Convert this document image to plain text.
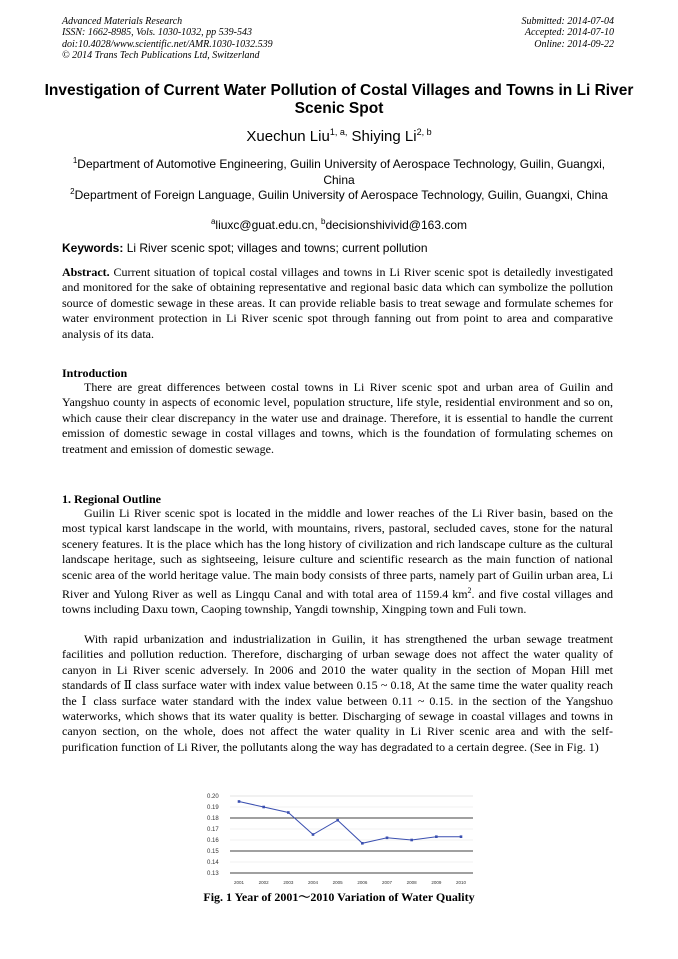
Advanced Materials Research
ISSN: 1662-8985, Vols. 1030-1032, pp 539-543
doi:10.4028/www.scientific.net/AMR.1030-1032.539
© 2014 Trans Tech Publications Ltd, Switzerland
Submitted: 2014-07-04
Accepted: 2014-07-10
Online: 2014-09-22
Investigation of Current Water Pollution of Costal Villages and Towns in Li River Scenic Spot
Xuechun Liu$^{1, a,}$ Shiying Li$^{2, b}$
$^1$Department of Automotive Engineering, Guilin University of Aerospace Technology, Guilin, Guangxi, China
$^2$Department of Foreign Language, Guilin University of Aerospace Technology, Guilin, Guangxi, China
$^a$liuxc@guat.edu.cn, $^b$decisionshivivid@163.com
Keywords: Li River scenic spot; villages and towns; current pollution
Abstract. Current situation of topical costal villages and towns in Li River scenic spot is detailedly investigated and monitored for the sake of obtaining representative and regional basic data which can symbolize the pollution source of domestic sewage in these areas. It can provide reliable basis to treat sewage and formulate schemes for water environment protection in Li River scenic spot through fanning out from point to area and comparative analysis of its data.
Introduction
There are great differences between costal towns in Li River scenic spot and urban area of Guilin and Yangshuo county in aspects of economic level, population structure, life style, residential environment and so on, which cause their clear discrepancy in the water use and drainage. Therefore, it is essential to handle the current emission of domestic sewage in costal villages and towns, which is the foundation of formulating schemes on treatment and emission of domestic sewage.
1. Regional Outline
Guilin Li River scenic spot is located in the middle and lower reaches of the Li River basin, based on the most typical karst landscape in the world, with mountains, rivers, pastoral, secluded caves, stone for the natural scenery features. It is the place which has the long history of civilization and rich landscape culture as the cultural landscape heritage, such as sightseeing, leisure culture and scientific research as the main function of national scenic area of the world heritage value. The main body consists of three parts, namely part of Guilin urban area, Li River and Yulong River as well as Lingqu Canal and with total area of 1159.4 $km^2$. and five costal villages and towns including Daxu town, Caoping township, Yangdi township, Xingping town and Fuli town.
With rapid urbanization and industrialization in Guilin, it has strengthened the urban sewage treatment facilities and pollution reduction. Therefore, discharging of urban sewage does not affect the water quality of canyon in Li River scenic adversely. In 2006 and 2010 the water quality in the section of Mopan Hill met standards of Ⅱ class surface water with index value between 0.15 ~ 0.18, At the same time the water quality reach the Ⅰ class surface water standard with the index value between 0.11 ~ 0.15. in the section of the Yangshuo waterworks, which shows that its water quality is better. Discharging of sewage in coastal villages and towns in canyon section, on the whole, does not affect the water quality in Li River scenic area and with the self-purification function of Li River, the pollutants along the way has degradated to a certain degree. (See in Fig. 1)
0.20
0.19
0.18
0.17
0.16
0.15
0.14
0.13
2001	2002	2003	2004	2005	2006	2007	2008	2009	2010
Fig. 1 Year of 2001～2010 Variation of Water Quality
